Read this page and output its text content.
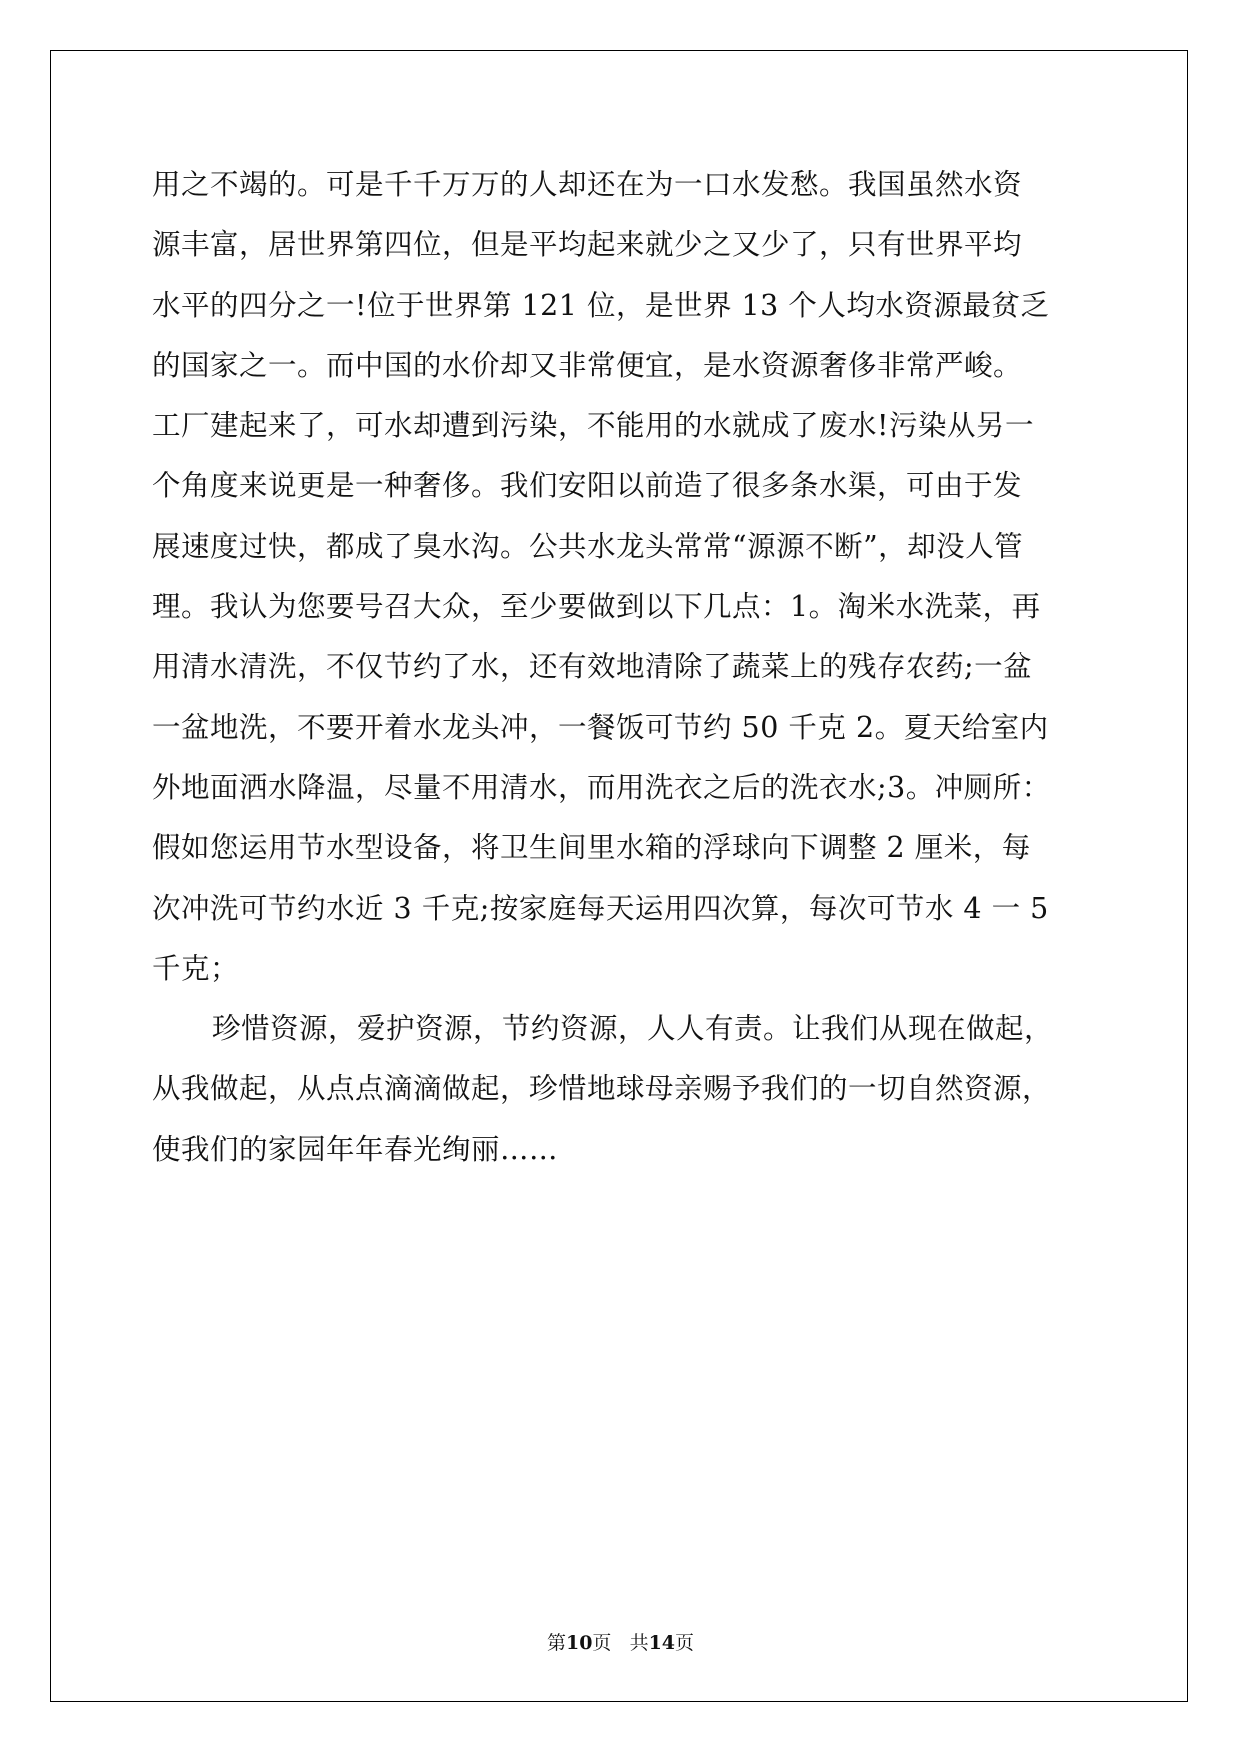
用之不竭的。可是千千万万的人却还在为一口水发愁。我国虽然水资
源丰富，居世界第四位，但是平均起来就少之又少了，只有世界平均
水平的四分之一!位于世界第 121 位，是世界 13 个人均水资源最贫乏
的国家之一。而中国的水价却又非常便宜，是水资源奢侈非常严峻。
工厂建起来了，可水却遭到污染，不能用的水就成了废水!污染从另一
个角度来说更是一种奢侈。我们安阳以前造了很多条水渠，可由于发
展速度过快，都成了臭水沟。公共水龙头常常“源源不断”，却没人管
理。我认为您要号召大众，至少要做到以下几点：1。淘米水洗菜，再
用清水清洗，不仅节约了水，还有效地清除了蔬菜上的残存农药;一盆
一盆地洗，不要开着水龙头冲，一餐饭可节约 50 千克 2。夏天给室内
外地面洒水降温，尽量不用清水，而用洗衣之后的洗衣水;3。冲厕所：
假如您运用节水型设备，将卫生间里水箱的浮球向下调整 2 厘米，每
次冲洗可节约水近 3 千克;按家庭每天运用四次算，每次可节水 4 一 5
千克；
珍惜资源，爱护资源，节约资源，人人有责。让我们从现在做起，
从我做起，从点点滴滴做起，珍惜地球母亲赐予我们的一切自然资源，
使我们的家园年年春光绚丽……
第10页 共14页
